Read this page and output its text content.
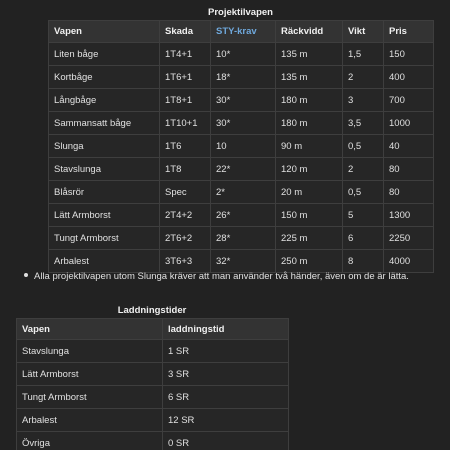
Projektilvapen
Vapen	Skada	STY-krav	Räckvidd	Vikt	Pris
Liten båge	1T4+1	10*	135 m	1,5	150
Kortbåge	1T6+1	18*	135 m	2	400
Långbåge	1T8+1	30*	180 m	3	700
Sammansatt båge	1T10+1	30*	180 m	3,5	1000
Slunga	1T6	10	90 m	0,5	40
Stavslunga	1T8	22*	120 m	2	80
Blåsrör	Spec	2*	20 m	0,5	80
Lätt Armborst	2T4+2	26*	150 m	5	1300
Tungt Armborst	2T6+2	28*	225 m	6	2250
Arbalest	3T6+3	32*	250 m	8	4000
Alla projektilvapen utom Slunga kräver att man använder två händer, även om de är lätta.
Laddningstider
Vapen	laddningstid
Stavslunga	1 SR
Lätt Armborst	3 SR
Tungt Armborst	6 SR
Arbalest	12 SR
Övriga	0 SR
